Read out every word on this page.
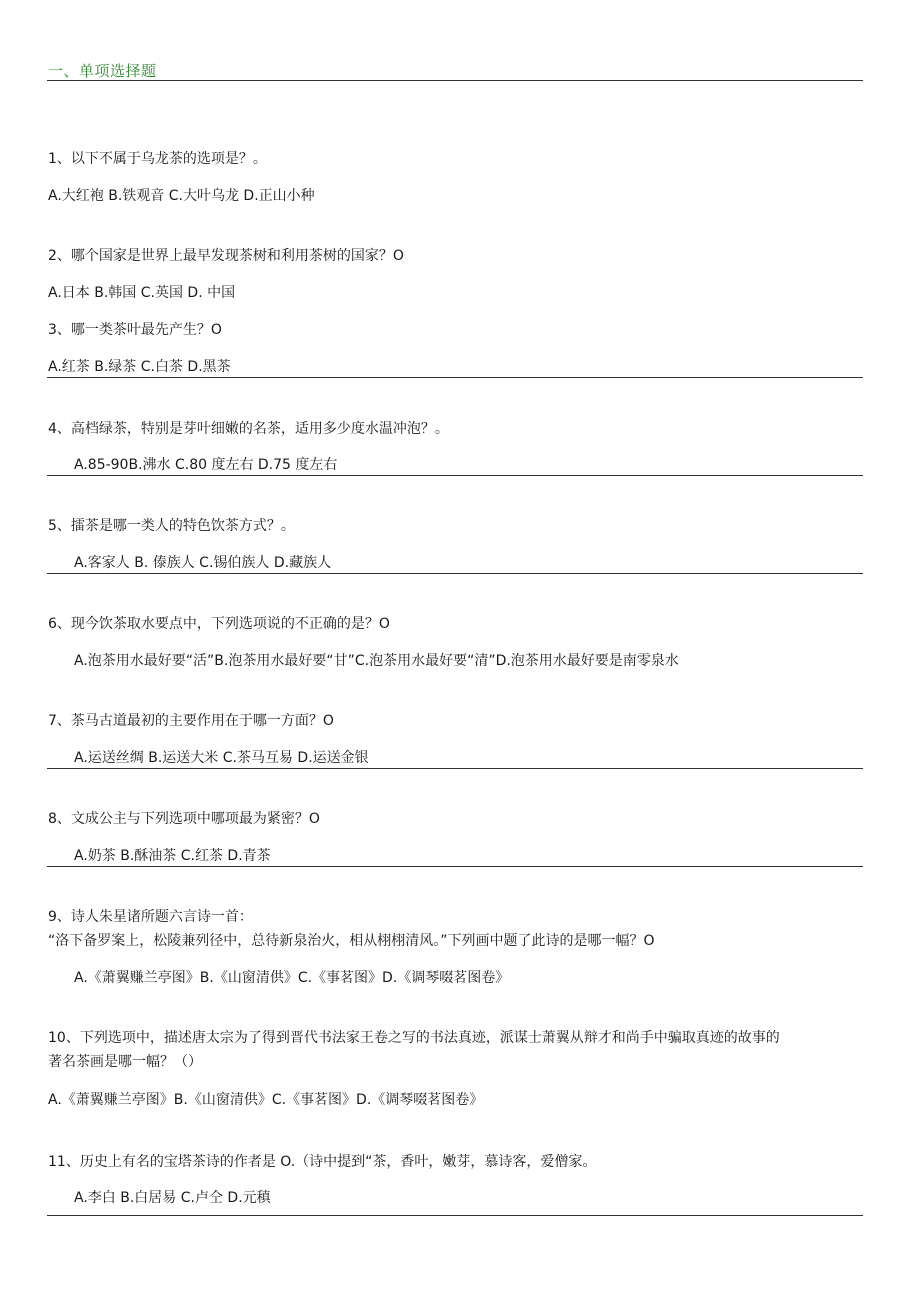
一、单项选择题
1、以下不属于乌龙茶的选项是？。
A.大红袍 B.铁观音 C.大叶乌龙 D.正山小种
2、哪个国家是世界上最早发现茶树和利用茶树的国家？O
A.日本 B.韩国 C.英国 D. 中国
3、哪一类茶叶最先产生？O
A.红茶 B.绿茶 C.白茶 D.黑茶
4、高档绿茶，特别是芽叶细嫩的名茶，适用多少度水温冲泡？。
A.85-90B.沸水 C.80 度左右 D.75 度左右
5、擂茶是哪一类人的特色饮茶方式？。
A.客家人 B. 傣族人 C.锡伯族人 D.藏族人
6、现今饮茶取水要点中，下列选项说的不正确的是？O
A.泡茶用水最好要“活”B.泡茶用水最好要“甘”C.泡茶用水最好要“清”D.泡茶用水最好要是南零泉水
7、茶马古道最初的主要作用在于哪一方面？O
A.运送丝绸 B.运送大米 C.茶马互易 D.运送金银
8、文成公主与下列选项中哪项最为紧密？O
A.奶茶 B.酥油茶 C.红茶 D.青茶
9、诗人朱星诸所题六言诗一首：
“洛下备罗案上，松陵兼列径中，总待新泉治火，相从栩栩清风。”下列画中题了此诗的是哪一幅？O
A.《萧翼赚兰亭图》B.《山窗清供》C.《事茗图》D.《调琴啜茗图卷》
10、下列选项中，描述唐太宗为了得到晋代书法家王卷之写的书法真迹，派谋士萧翼从辩才和尚手中骗取真迹的故事的
著名茶画是哪一幅？（）
A.《萧翼赚兰亭图》B.《山窗清供》C.《事茗图》D.《调琴啜茗图卷》
11、历史上有名的宝塔茶诗的作者是 O.（诗中提到“茶，香叶，嫩芽，慕诗客，爱僧家。
A.李白 B.白居易 C.卢仝 D.元稹
